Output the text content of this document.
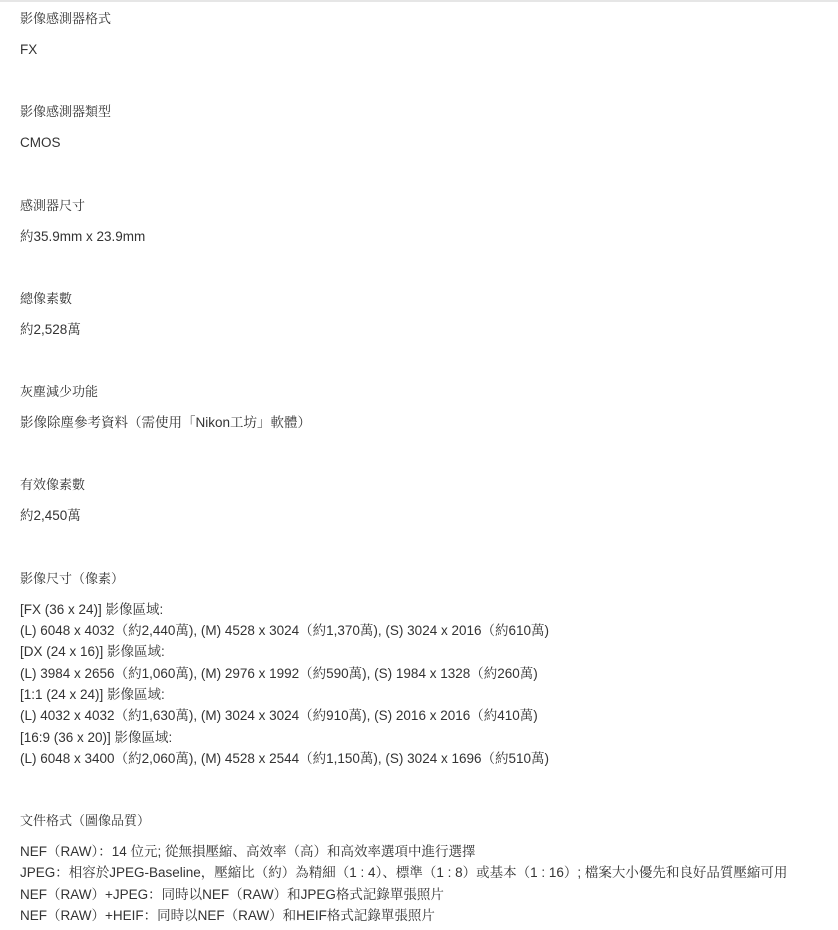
影像感測器格式
FX
影像感測器類型
CMOS
感測器尺寸
約35.9mm x 23.9mm
總像素數
約2,528萬
灰塵減少功能
影像除塵參考資料（需使用「Nikon工坊」軟體）
有效像素數
約2,450萬
影像尺寸（像素）
[FX (36 x 24)] 影像區域:
(L) 6048 x 4032（約2,440萬), (M) 4528 x 3024（約1,370萬), (S) 3024 x 2016（約610萬)
[DX (24 x 16)] 影像區域:
(L) 3984 x 2656（約1,060萬), (M) 2976 x 1992（約590萬), (S) 1984 x 1328（約260萬)
[1:1 (24 x 24)] 影像區域:
(L) 4032 x 4032（約1,630萬), (M) 3024 x 3024（約910萬), (S) 2016 x 2016（約410萬)
[16:9 (36 x 20)] 影像區域:
(L) 6048 x 3400（約2,060萬), (M) 4528 x 2544（約1,150萬), (S) 3024 x 1696（約510萬)
文件格式（圖像品質）
NEF（RAW）：14 位元; 從無損壓縮、高效率（高）和高效率選項中進行選擇
JPEG：相容於JPEG-Baseline，壓縮比（約）為精細（1 : 4）、標準（1 : 8）或基本（1 : 16）; 檔案大小優先和良好品質壓縮可用
NEF（RAW）+JPEG：同時以NEF（RAW）和JPEG格式記錄單張照片
NEF（RAW）+HEIF：同時以NEF（RAW）和HEIF格式記錄單張照片
